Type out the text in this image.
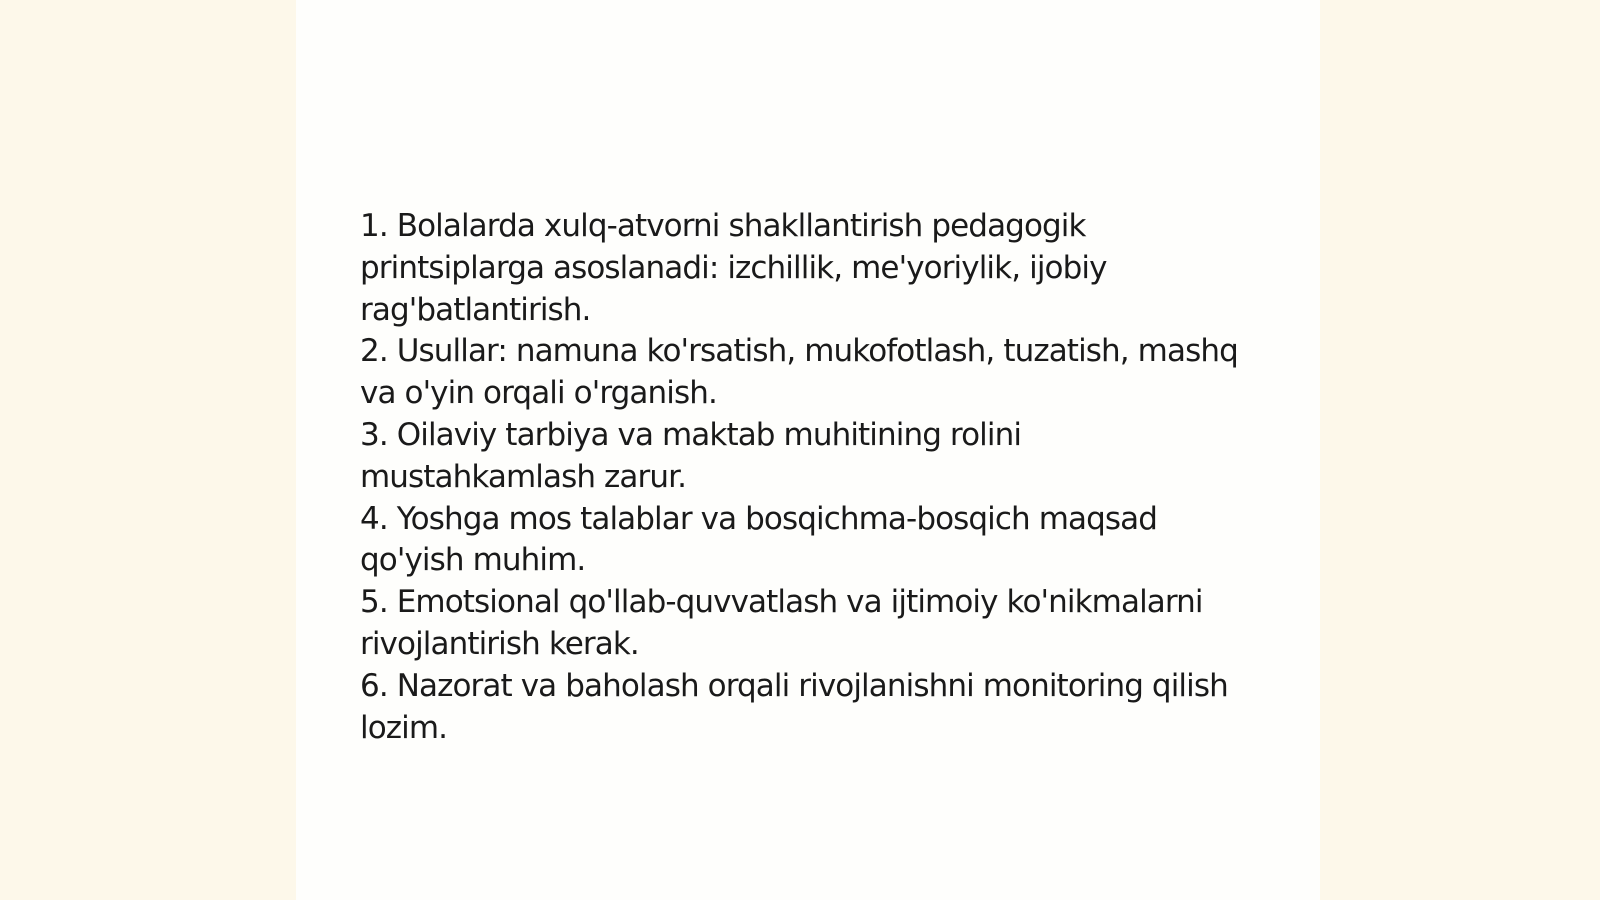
1. Bolalarda xulq-atvorni shakllantirish pedagogik printsiplarga asoslanadi: izchillik, me'yoriylik, ijobiy rag'batlantirish.

2. Usullar: namuna ko'rsatish, mukofotlash, tuzatish, mashq va o'yin orqali o'rganish.

3. Oilaviy tarbiya va maktab muhitining rolini mustahkamlash zarur.

4. Yoshga mos talablar va bosqichma-bosqich maqsad qo'yish muhim.

5. Emotsional qo'llab-quvvatlash va ijtimoiy ko'nikmalarni rivojlantirish kerak.

6. Nazorat va baholash orqali rivojlanishni monitoring qilish lozim.
